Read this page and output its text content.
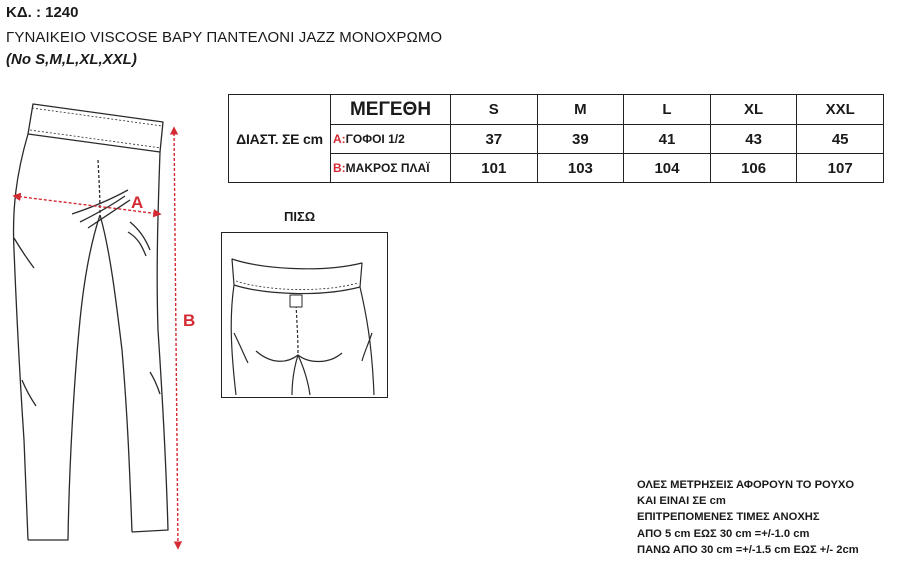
ΚΔ. : 1240
ΓΥΝΑΙΚΕΙΟ VISCOSE ΒΑΡΥ ΠΑΝΤΕΛΟΝΙ JAZZ ΜΟΝΟΧΡΩΜΟ
(No S,M,L,XL,XXL)
A
B
ΔΙΑΣΤ. ΣΕ cm	ΜΕΓΕΘΗ	S	M	L	XL	XXL
	A:ΓΟΦΟΙ 1/2	37	39	41	43	45
	B:ΜΑΚΡΟΣ ΠΛΑΪ	101	103	104	106	107
ΠΙΣΩ
ΟΛΕΣ ΜΕΤΡΗΣΕΙΣ ΑΦΟΡΟΥΝ ΤΟ ΡΟΥΧΟ
ΚΑΙ ΕΙΝΑΙ ΣΕ cm
ΕΠΙΤΡΕΠΟΜΕΝΕΣ ΤΙΜΕΣ ΑΝΟΧΗΣ
ΑΠΟ 5 cm ΕΩΣ 30 cm =+/-1.0 cm
ΠΑΝΩ ΑΠΟ 30 cm =+/-1.5 cm ΕΩΣ +/- 2cm
